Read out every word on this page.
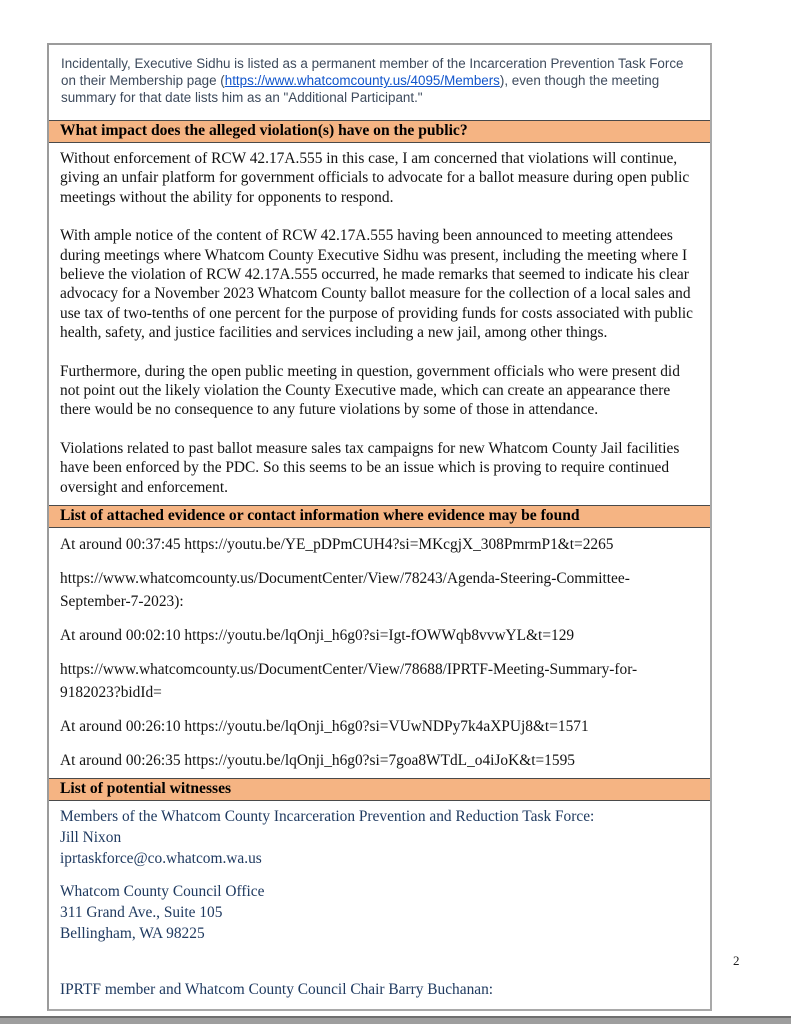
Incidentally, Executive Sidhu is listed as a permanent member of the Incarceration Prevention Task Force on their Membership page (https://www.whatcomcounty.us/4095/Members), even though the meeting summary for that date lists him as an "Additional Participant."
What impact does the alleged violation(s) have on the public?

Without enforcement of RCW 42.17A.555 in this case, I am concerned that violations will continue, giving an unfair platform for government officials to advocate for a ballot measure during open public meetings without the ability for opponents to respond.

With ample notice of the content of RCW 42.17A.555 having been announced to meeting attendees during meetings where Whatcom County Executive Sidhu was present, including the meeting where I believe the violation of RCW 42.17A.555 occurred, he made remarks that seemed to indicate his clear advocacy for a November 2023 Whatcom County ballot measure for the collection of a local sales and use tax of two-tenths of one percent for the purpose of providing funds for costs associated with public health, safety, and justice facilities and services including a new jail, among other things.

Furthermore, during the open public meeting in question, government officials who were present did not point out the likely violation the County Executive made, which can create an appearance there there would be no consequence to any future violations by some of those in attendance.

Violations related to past ballot measure sales tax campaigns for new Whatcom County Jail facilities have been enforced by the PDC. So this seems to be an issue which is proving to require continued oversight and enforcement.

List of attached evidence or contact information where evidence may be found

At around 00:37:45 https://youtu.be/YE_pDPmCUH4?si=MKcgjX_308PmrmP1&t=2265

https://www.whatcomcounty.us/DocumentCenter/View/78243/Agenda-Steering-Committee-September-7-2023):

At around 00:02:10 https://youtu.be/lqOnji_h6g0?si=Igt-fOWWqb8vvwYL&t=129

https://www.whatcomcounty.us/DocumentCenter/View/78688/IPRTF-Meeting-Summary-for-9182023?bidId=

At around 00:26:10 https://youtu.be/lqOnji_h6g0?si=VUwNDPy7k4aXPUj8&t=1571

At around 00:26:35 https://youtu.be/lqOnji_h6g0?si=7goa8WTdL_o4iJoK&t=1595

List of potential witnesses
Members of the Whatcom County Incarceration Prevention and Reduction Task Force:
Jill Nixon
iprtaskforce@co.whatcom.wa.us
Whatcom County Council Office
311 Grand Ave., Suite 105
Bellingham, WA 98225
IPRTF member and Whatcom County Council Chair Barry Buchanan:
2
